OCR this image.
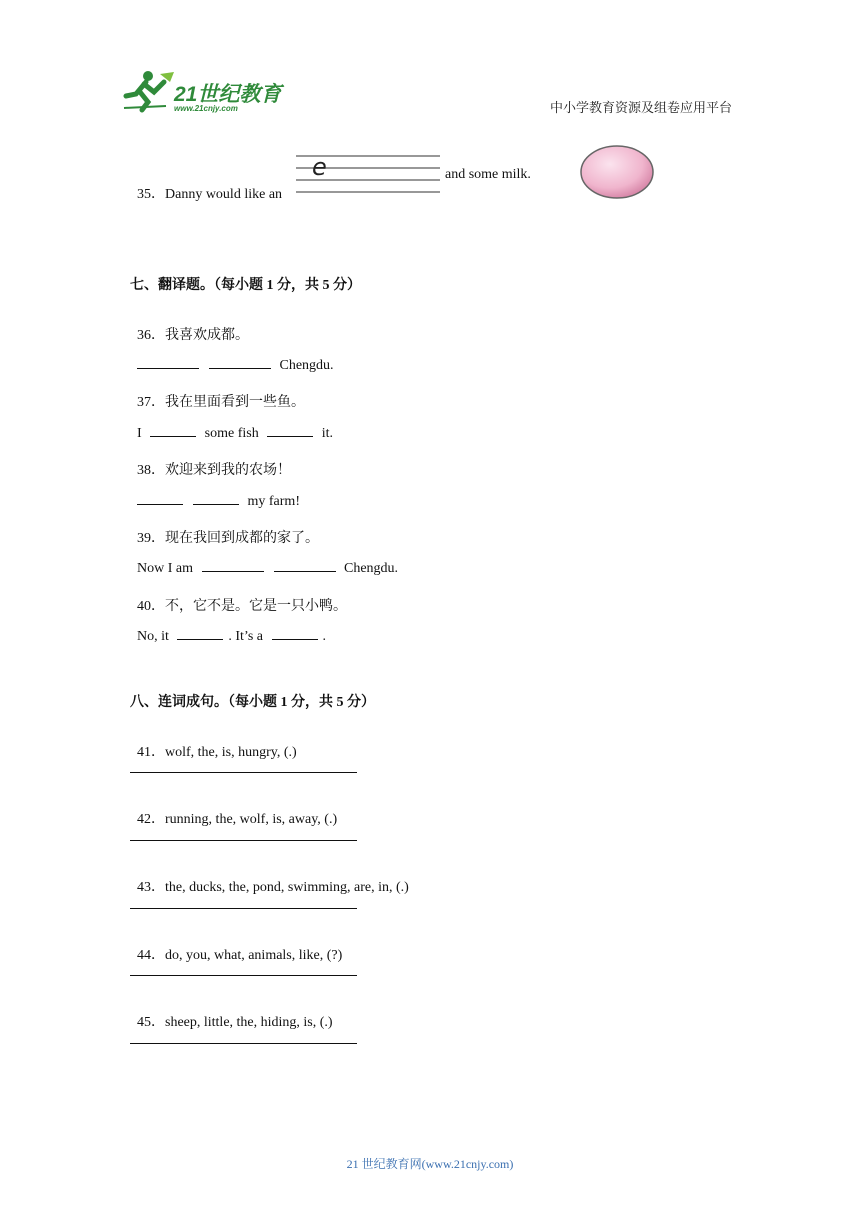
21世纪教育
www.21cnjy.com	中小学教育资源及组卷应用平台

35．Danny would like an

e	and some milk.
七、翻译题。（每小题 1 分，共 5 分）

36．我喜欢成都。

Chengdu.

37．我在里面看到一些鱼。

I	some fish	it.

38．欢迎来到我的农场！

my farm!

39．现在我回到成都的家了。

Now I am	Chengdu.

40．不，它不是。它是一只小鸭。

No, it	. It’s a	.

八、连词成句。（每小题 1 分，共 5 分）

41．wolf, the, is, hungry, (.)

42．running, the, wolf, is, away, (.)

43．the, ducks, the, pond, swimming, are, in, (.)

44．do, you, what, animals, like, (?)

45．sheep, little, the, hiding, is, (.)

21 世纪教育网(www.21cnjy.com)
